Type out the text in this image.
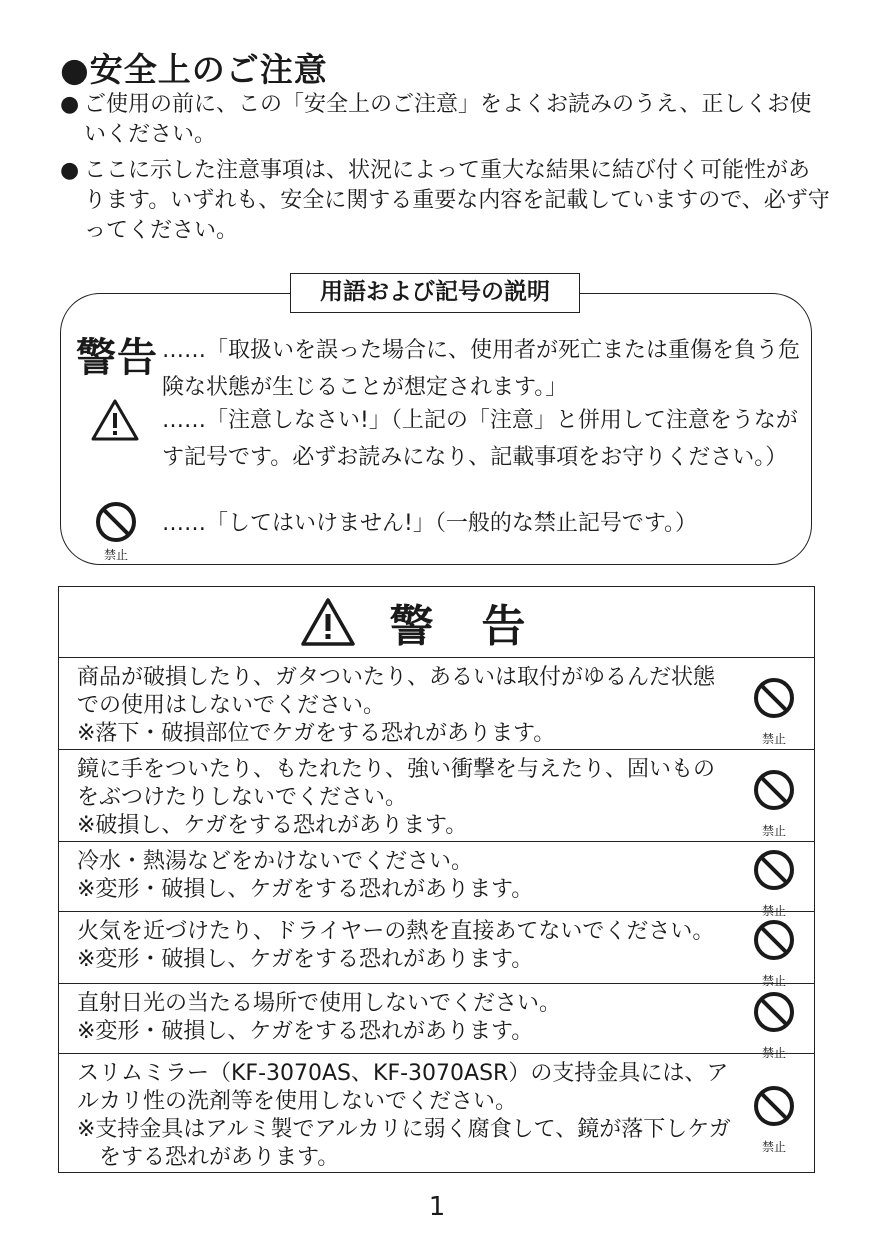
●安全上のご注意

● ご使用の前に、この「安全上のご注意」をよくお読みのうえ、正しくお使いください。

● ここに示した注意事項は、状況によって重大な結果に結び付く可能性があります。いずれも、安全に関する重要な内容を記載していますので、必ず守ってください。

用語および記号の説明
警告 ……「取扱いを誤った場合に、使用者が死亡または重傷を負う危険な状態が生じることが想定されます。」
……「注意しなさい!」（上記の「注意」と併用して注意をうながす記号です。必ずお読みになり、記載事項をお守りください。）
禁止
……「してはいけません!」（一般的な禁止記号です。）
警告

商品が破損したり、ガタついたり、あるいは取付がゆるんだ状態での使用はしないでください。

※落下・破損部位でケガをする恐れがあります。	禁止

鏡に手をついたり、もたれたり、強い衝撃を与えたり、固いものをぶつけたりしないでください。

※破損し、ケガをする恐れがあります。	禁止

冷水・熱湯などをかけないでください。

※変形・破損し、ケガをする恐れがあります。

禁止

火気を近づけたり、ドライヤーの熱を直接あてないでください。

※変形・破損し、ケガをする恐れがあります。

禁止

直射日光の当たる場所で使用しないでください。

※変形・破損し、ケガをする恐れがあります。

禁止

スリムミラー（KF-3070AS、KF-3070ASR）の支持金具には、アルカリ性の洗剤等を使用しないでください。

※支持金具はアルミ製でアルカリに弱く腐食して、鏡が落下しケガをする恐れがあります。	禁止
1
